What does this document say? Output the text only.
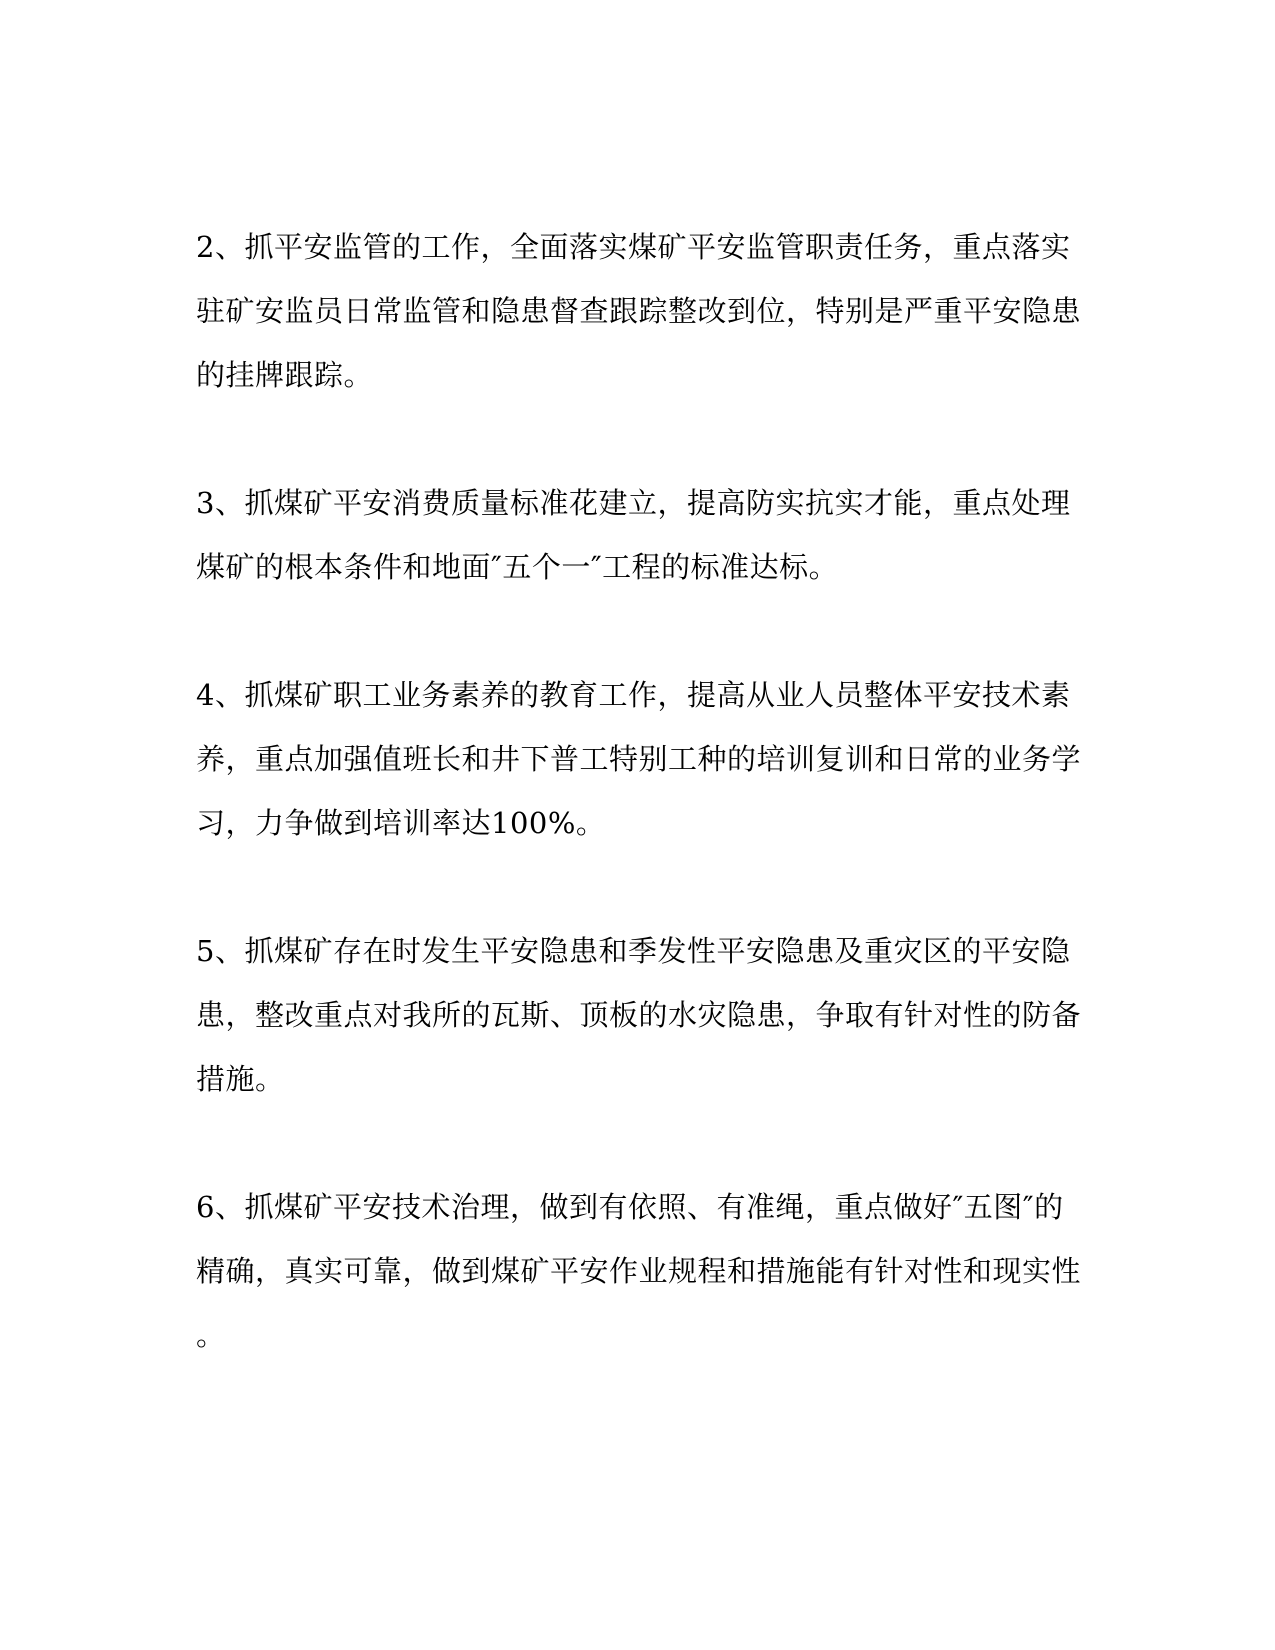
2、抓平安监管的工作，全面落实煤矿平安监管职责任务，重点落实
驻矿安监员日常监管和隐患督查跟踪整改到位，特别是严重平安隐患
的挂牌跟踪。

3、抓煤矿平安消费质量标准花建立，提高防实抗实才能，重点处理
煤矿的根本条件和地面″五个一″工程的标准达标。

4、抓煤矿职工业务素养的教育工作，提高从业人员整体平安技术素
养，重点加强值班长和井下普工特别工种的培训复训和日常的业务学
习，力争做到培训率达100%。

5、抓煤矿存在时发生平安隐患和季发性平安隐患及重灾区的平安隐
患，整改重点对我所的瓦斯、顶板的水灾隐患，争取有针对性的防备
措施。

6、抓煤矿平安技术治理，做到有依照、有准绳，重点做好″五图″的
精确，真实可靠，做到煤矿平安作业规程和措施能有针对性和现实性
。
